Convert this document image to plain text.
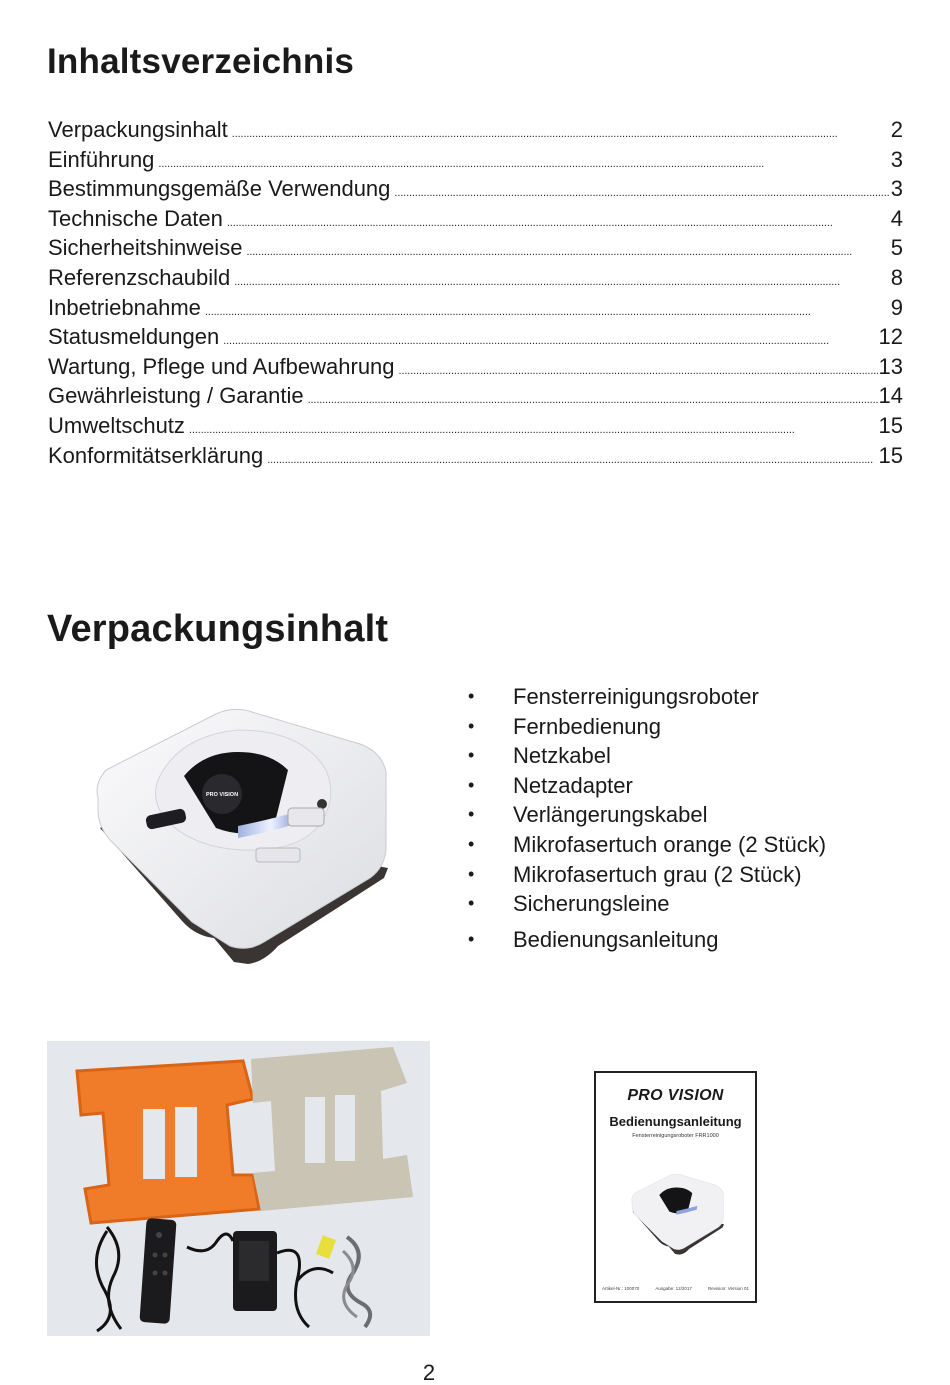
Inhaltsverzeichnis
Verpackungsinhalt . . .	2
Einführung . . .	3
Bestimmungsgemäße Verwendung . . .	3
Technische Daten . . .	4
Sicherheitshinweise . . .	5
Referenzschaubild . . .	8
Inbetriebnahme . . .	9
Statusmeldungen . . .	12
Wartung, Pflege und Aufbewahrung . . .	13
Gewährleistung / Garantie . . .	14
Umweltschutz . . .	15
Konformitätserklärung . . .	15
Verpackungsinhalt
PRO VISION
• Fensterreinigungsroboter
• Fernbedienung
• Netzkabel
• Netzadapter
• Verlängerungskabel
• Mikrofasertuch orange (2 Stück)
• Mikrofasertuch grau (2 Stück)
• Sicherungsleine
• Bedienungsanleitung
PRO VISION
Bedienungsanleitung
Fensterreinigungsroboter FRR1000
Artikel-Nr.: 100070	Ausgabe: 12/2017	Revision: Version 01
2
